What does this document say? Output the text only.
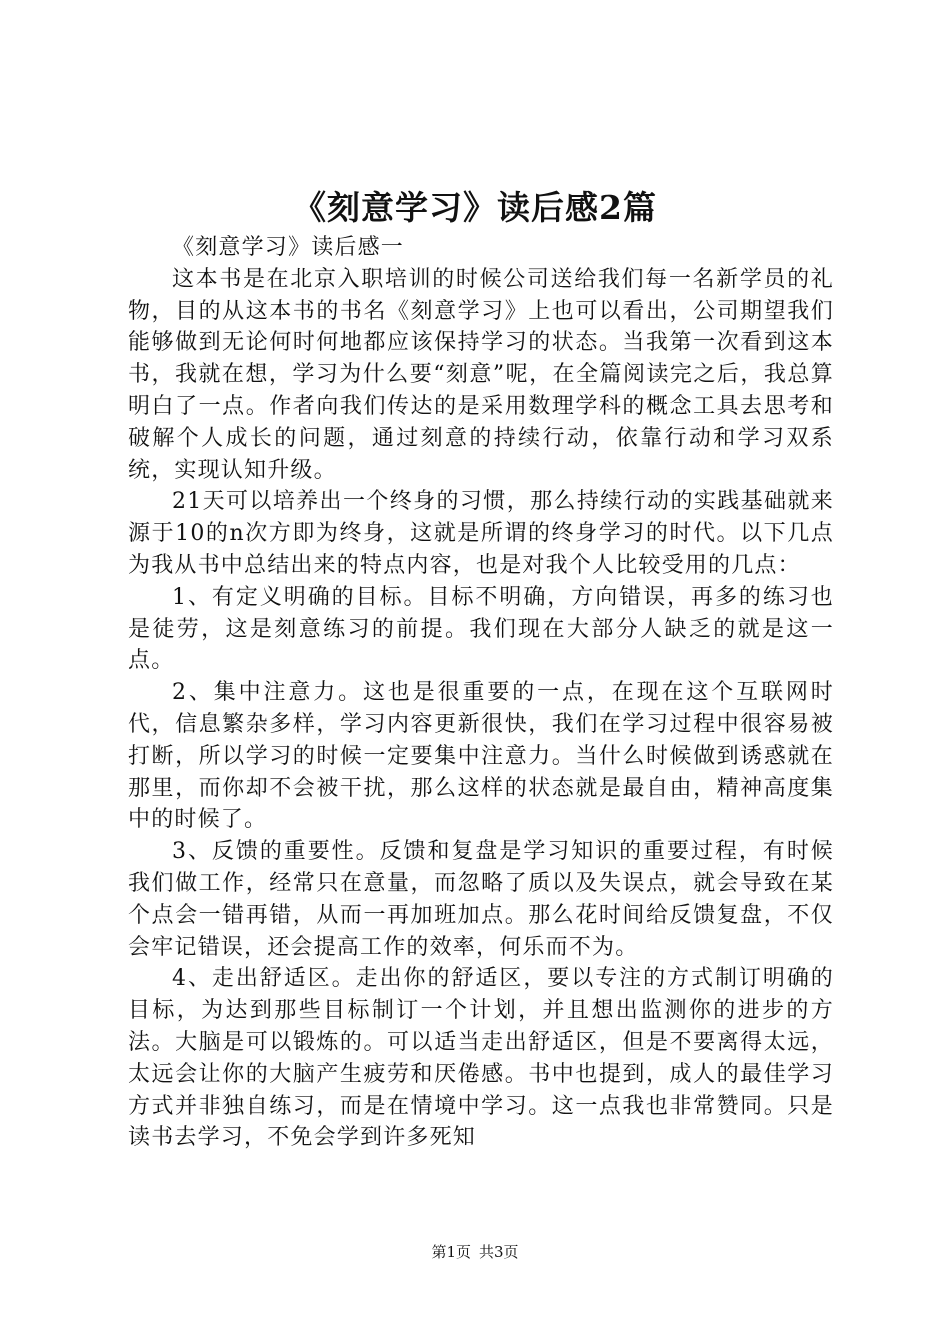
《刻意学习》读后感2篇

《刻意学习》读后感一

这本书是在北京入职培训的时候公司送给我们每一名新学员的礼物，目的从这本书的书名《刻意学习》上也可以看出，公司期望我们能够做到无论何时何地都应该保持学习的状态。当我第一次看到这本书，我就在想，学习为什么要“刻意”呢，在全篇阅读完之后，我总算明白了一点。作者向我们传达的是采用数理学科的概念工具去思考和破解个人成长的问题，通过刻意的持续行动，依靠行动和学习双系统，实现认知升级。

21天可以培养出一个终身的习惯，那么持续行动的实践基础就来源于10的n次方即为终身，这就是所谓的终身学习的时代。以下几点为我从书中总结出来的特点内容，也是对我个人比较受用的几点：

1、有定义明确的目标。目标不明确，方向错误，再多的练习也是徒劳，这是刻意练习的前提。我们现在大部分人缺乏的就是这一点。

2、集中注意力。这也是很重要的一点，在现在这个互联网时代，信息繁杂多样，学习内容更新很快，我们在学习过程中很容易被打断，所以学习的时候一定要集中注意力。当什么时候做到诱惑就在那里，而你却不会被干扰，那么这样的状态就是最自由，精神高度集中的时候了。

3、反馈的重要性。反馈和复盘是学习知识的重要过程，有时候我们做工作，经常只在意量，而忽略了质以及失误点，就会导致在某个点会一错再错，从而一再加班加点。那么花时间给反馈复盘，不仅会牢记错误，还会提高工作的效率，何乐而不为。

4、走出舒适区。走出你的舒适区，要以专注的方式制订明确的目标，为达到那些目标制订一个计划，并且想出监测你的进步的方法。大脑是可以锻炼的。可以适当走出舒适区，但是不要离得太远，太远会让你的大脑产生疲劳和厌倦感。书中也提到，成人的最佳学习方式并非独自练习，而是在情境中学习。这一点我也非常赞同。只是读书去学习，不免会学到许多死知

第1页 共3页
